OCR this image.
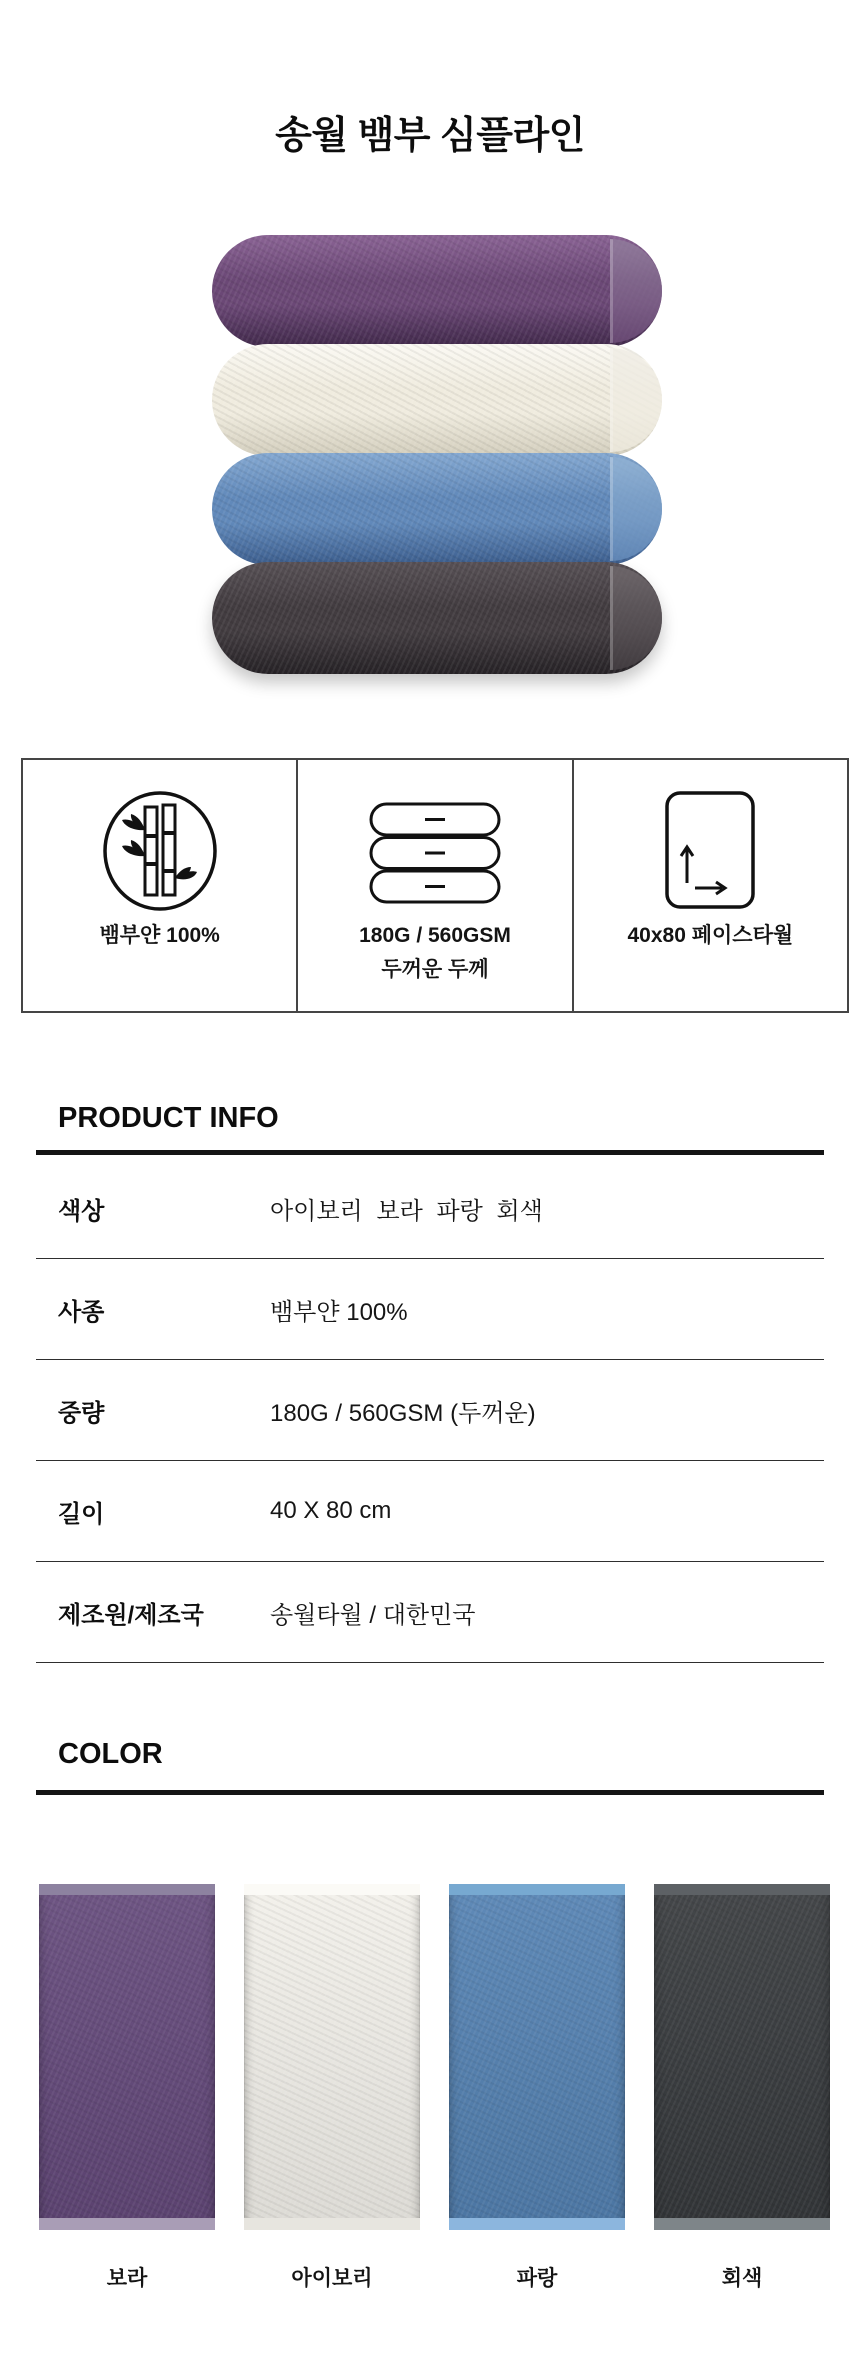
송월 뱀부 심플라인
뱀부얀 100%	180G / 560GSM
두꺼운 두께
40x80 페이스타월
PRODUCT INFO
색상	아이보리 보라 파랑 회색
사종	뱀부얀 100%
중량	180G / 560GSM (두꺼운)
길이	40 X 80 cm
제조원/제조국	송월타월 / 대한민국
COLOR
보라	아이보리	파랑	회색
